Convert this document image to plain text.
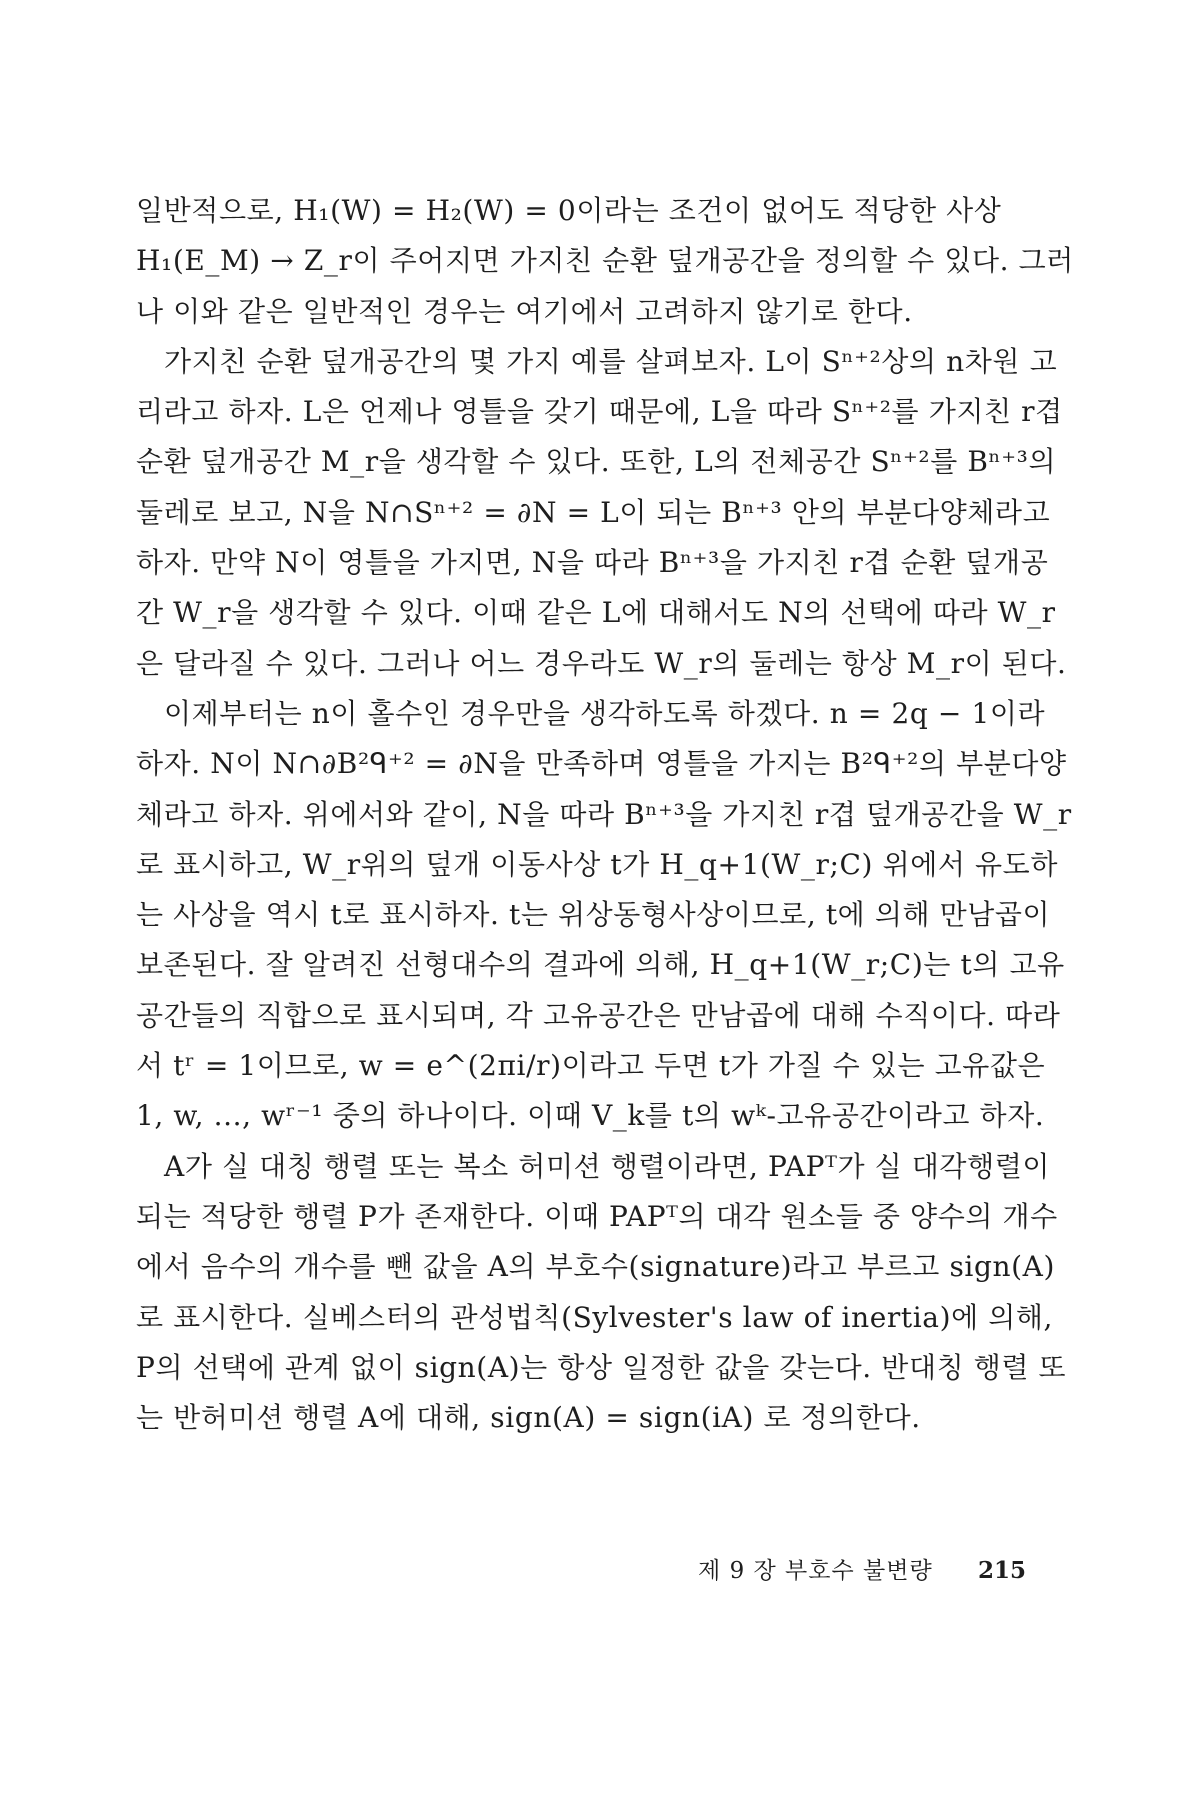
일반적으로, H₁(W) = H₂(W) = 0이라는 조건이 없어도 적당한 사상 H₁(E_M) → Z_r이 주어지면 가지친 순환 덮개공간을 정의할 수 있다. 그러나 이와 같은 일반적인 경우는 여기에서 고려하지 않기로 한다.

가지친 순환 덮개공간의 몇 가지 예를 살펴보자. L이 Sⁿ⁺²상의 n차원 고리라고 하자. L은 언제나 영틀을 갖기 때문에, L을 따라 Sⁿ⁺²를 가지친 r겹 순환 덮개공간 M_r을 생각할 수 있다. 또한, L의 전체공간 Sⁿ⁺²를 Bⁿ⁺³의 둘레로 보고, N을 N∩Sⁿ⁺² = ∂N = L이 되는 Bⁿ⁺³ 안의 부분다양체라고 하자. 만약 N이 영틀을 가지면, N을 따라 Bⁿ⁺³을 가지친 r겹 순환 덮개공간 W_r을 생각할 수 있다. 이때 같은 L에 대해서도 N의 선택에 따라 W_r은 달라질 수 있다. 그러나 어느 경우라도 W_r의 둘레는 항상 M_r이 된다.

이제부터는 n이 홀수인 경우만을 생각하도록 하겠다. n = 2q − 1이라 하자. N이 N∩∂B²ᑫ⁺² = ∂N을 만족하며 영틀을 가지는 B²ᑫ⁺²의 부분다양체라고 하자. 위에서와 같이, N을 따라 Bⁿ⁺³을 가지친 r겹 덮개공간을 W_r로 표시하고, W_r위의 덮개 이동사상 t가 H_q+1(W_r;C) 위에서 유도하는 사상을 역시 t로 표시하자. t는 위상동형사상이므로, t에 의해 만남곱이 보존된다. 잘 알려진 선형대수의 결과에 의해, H_q+1(W_r;C)는 t의 고유공간들의 직합으로 표시되며, 각 고유공간은 만남곱에 대해 수직이다. 따라서 tʳ = 1이므로, w = e^(2πi/r)이라고 두면 t가 가질 수 있는 고유값은 1, w, ..., wʳ⁻¹ 중의 하나이다. 이때 V_k를 t의 wᵏ-고유공간이라고 하자.

A가 실 대칭 행렬 또는 복소 허미션 행렬이라면, PAPᵀ가 실 대각행렬이 되는 적당한 행렬 P가 존재한다. 이때 PAPᵀ의 대각 원소들 중 양수의 개수에서 음수의 개수를 뺀 값을 A의 부호수(signature)라고 부르고 sign(A)로 표시한다. 실베스터의 관성법칙(Sylvester's law of inertia)에 의해, P의 선택에 관계 없이 sign(A)는 항상 일정한 값을 갖는다. 반대칭 행렬 또는 반허미션 행렬 A에 대해, sign(A) = sign(iA) 로 정의한다.

제 9 장 부호수 불변량 215
